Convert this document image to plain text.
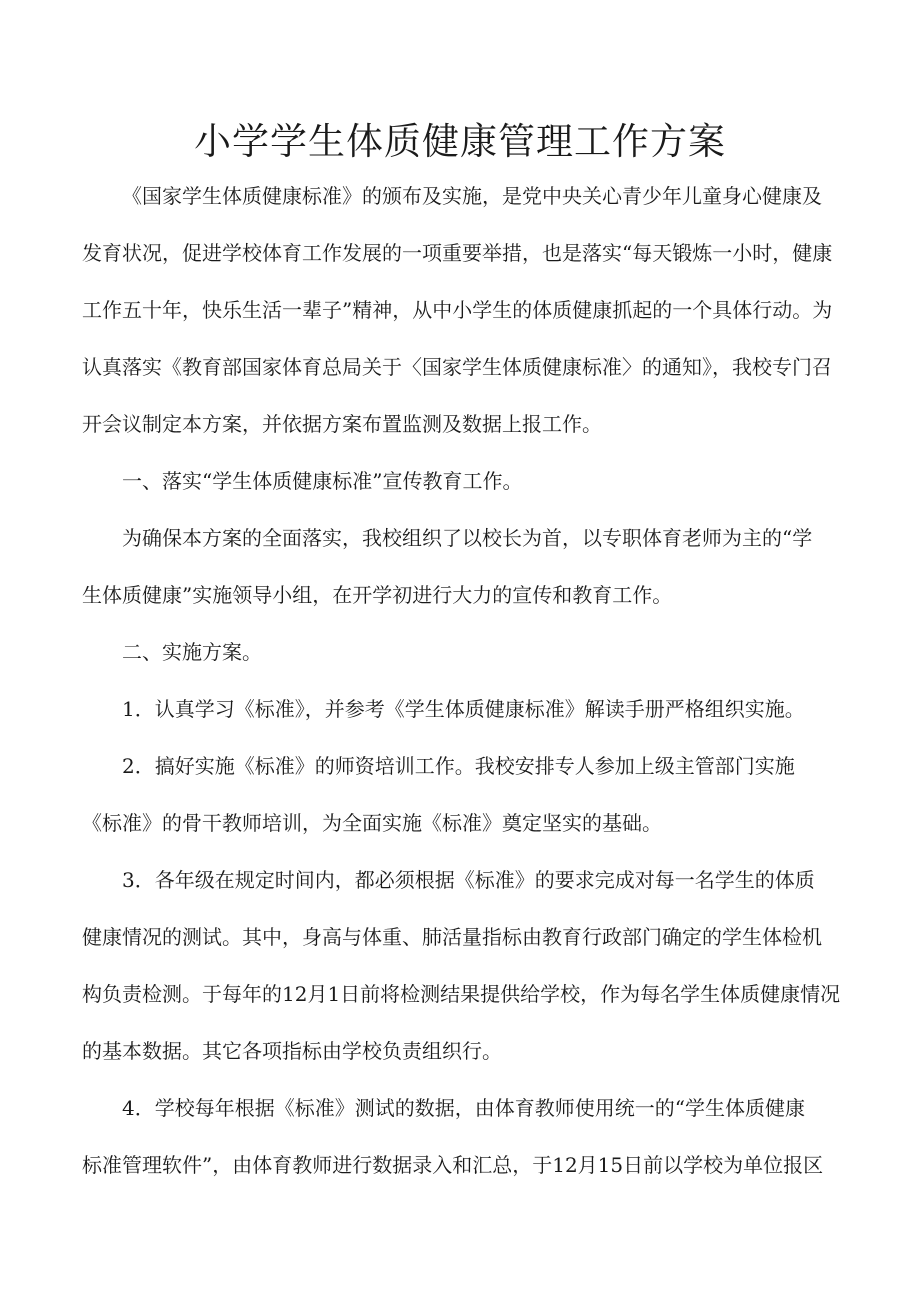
小学学生体质健康管理工作方案

《国家学生体质健康标准》的颁布及实施，是党中央关心青少年儿童身心健康及
发育状况，促进学校体育工作发展的一项重要举措，也是落实“每天锻炼一小时，健康
工作五十年，快乐生活一辈子”精神，从中小学生的体质健康抓起的一个具体行动。为
认真落实《教育部国家体育总局关于〈国家学生体质健康标准〉的通知》，我校专门召
开会议制定本方案，并依据方案布置监测及数据上报工作。

一、落实“学生体质健康标准”宣传教育工作。

为确保本方案的全面落实，我校组织了以校长为首，以专职体育老师为主的“学
生体质健康”实施领导小组，在开学初进行大力的宣传和教育工作。

二、实施方案。

1．认真学习《标准》，并参考《学生体质健康标准》解读手册严格组织实施。

2．搞好实施《标准》的师资培训工作。我校安排专人参加上级主管部门实施
《标准》的骨干教师培训，为全面实施《标准》奠定坚实的基础。

3．各年级在规定时间内，都必须根据《标准》的要求完成对每一名学生的体质
健康情况的测试。其中，身高与体重、肺活量指标由教育行政部门确定的学生体检机
构负责检测。于每年的12月1日前将检测结果提供给学校，作为每名学生体质健康情况
的基本数据。其它各项指标由学校负责组织行。

4．学校每年根据《标准》测试的数据，由体育教师使用统一的“学生体质健康
标准管理软件”，由体育教师进行数据录入和汇总，于12月15日前以学校为单位报区
